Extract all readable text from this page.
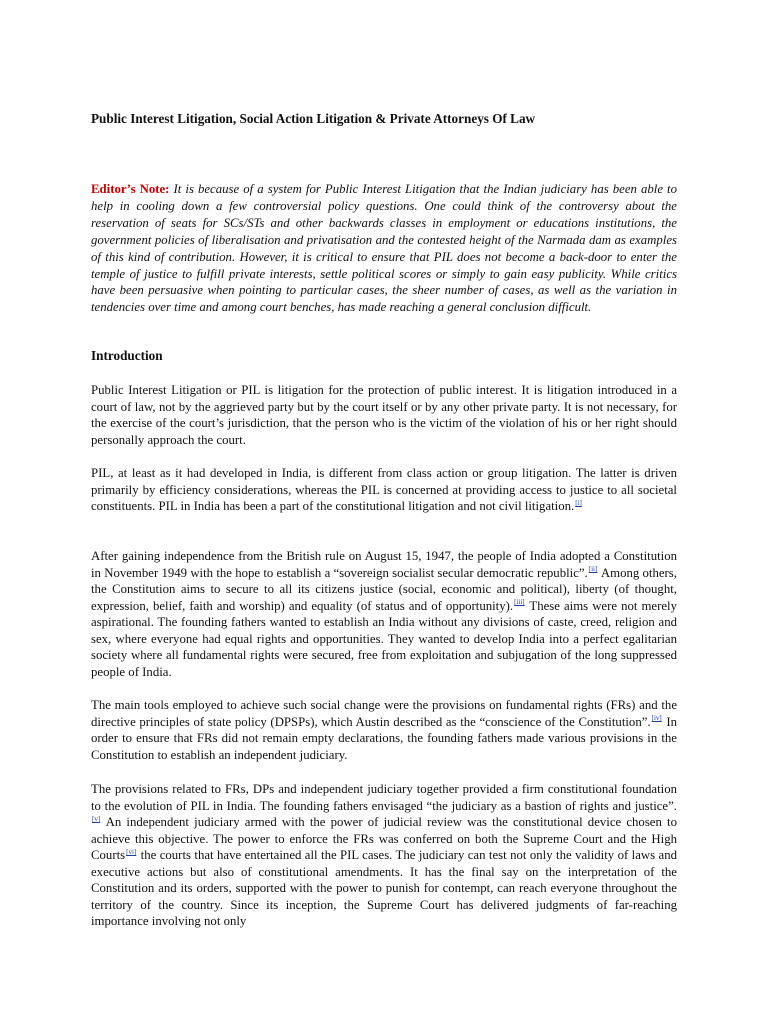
Public Interest Litigation, Social Action Litigation & Private Attorneys Of Law
Editor’s Note: It is because of a system for Public Interest Litigation that the Indian judiciary has been able to help in cooling down a few controversial policy questions. One could think of the controversy about the reservation of seats for SCs/STs and other backwards classes in employment or educations institutions, the government policies of liberalisation and privatisation and the contested height of the Narmada dam as examples of this kind of contribution. However, it is critical to ensure that PIL does not become a back-door to enter the temple of justice to fulfill private interests, settle political scores or simply to gain easy publicity. While critics have been persuasive when pointing to particular cases, the sheer number of cases, as well as the variation in tendencies over time and among court benches, has made reaching a general conclusion difficult.
Introduction

Public Interest Litigation or PIL is litigation for the protection of public interest. It is litigation introduced in a court of law, not by the aggrieved party but by the court itself or by any other private party. It is not necessary, for the exercise of the court’s jurisdiction, that the person who is the victim of the violation of his or her right should personally approach the court.

PIL, at least as it had developed in India, is different from class action or group litigation. The latter is driven primarily by efficiency considerations, whereas the PIL is concerned at providing access to justice to all societal constituents. PIL in India has been a part of the constitutional litigation and not civil litigation.[i]

After gaining independence from the British rule on August 15, 1947, the people of India adopted a Constitution in November 1949 with the hope to establish a “sovereign socialist secular democratic republic”.[ii] Among others, the Constitution aims to secure to all its citizens justice (social, economic and political), liberty (of thought, expression, belief, faith and worship) and equality (of status and of opportunity).[iii] These aims were not merely aspirational. The founding fathers wanted to establish an India without any divisions of caste, creed, religion and sex, where everyone had equal rights and opportunities. They wanted to develop India into a perfect egalitarian society where all fundamental rights were secured, free from exploitation and subjugation of the long suppressed people of India.

The main tools employed to achieve such social change were the provisions on fundamental rights (FRs) and the directive principles of state policy (DPSPs), which Austin described as the “conscience of the Constitution”.[iv] In order to ensure that FRs did not remain empty declarations, the founding fathers made various provisions in the Constitution to establish an independent judiciary.

The provisions related to FRs, DPs and independent judiciary together provided a firm constitutional foundation to the evolution of PIL in India. The founding fathers envisaged “the judiciary as a bastion of rights and justice”.[v] An independent judiciary armed with the power of judicial review was the constitutional device chosen to achieve this objective. The power to enforce the FRs was conferred on both the Supreme Court and the High Courts[vi] the courts that have entertained all the PIL cases. The judiciary can test not only the validity of laws and executive actions but also of constitutional amendments. It has the final say on the interpretation of the Constitution and its orders, supported with the power to punish for contempt, can reach everyone throughout the territory of the country. Since its inception, the Supreme Court has delivered judgments of far-reaching importance involving not only
